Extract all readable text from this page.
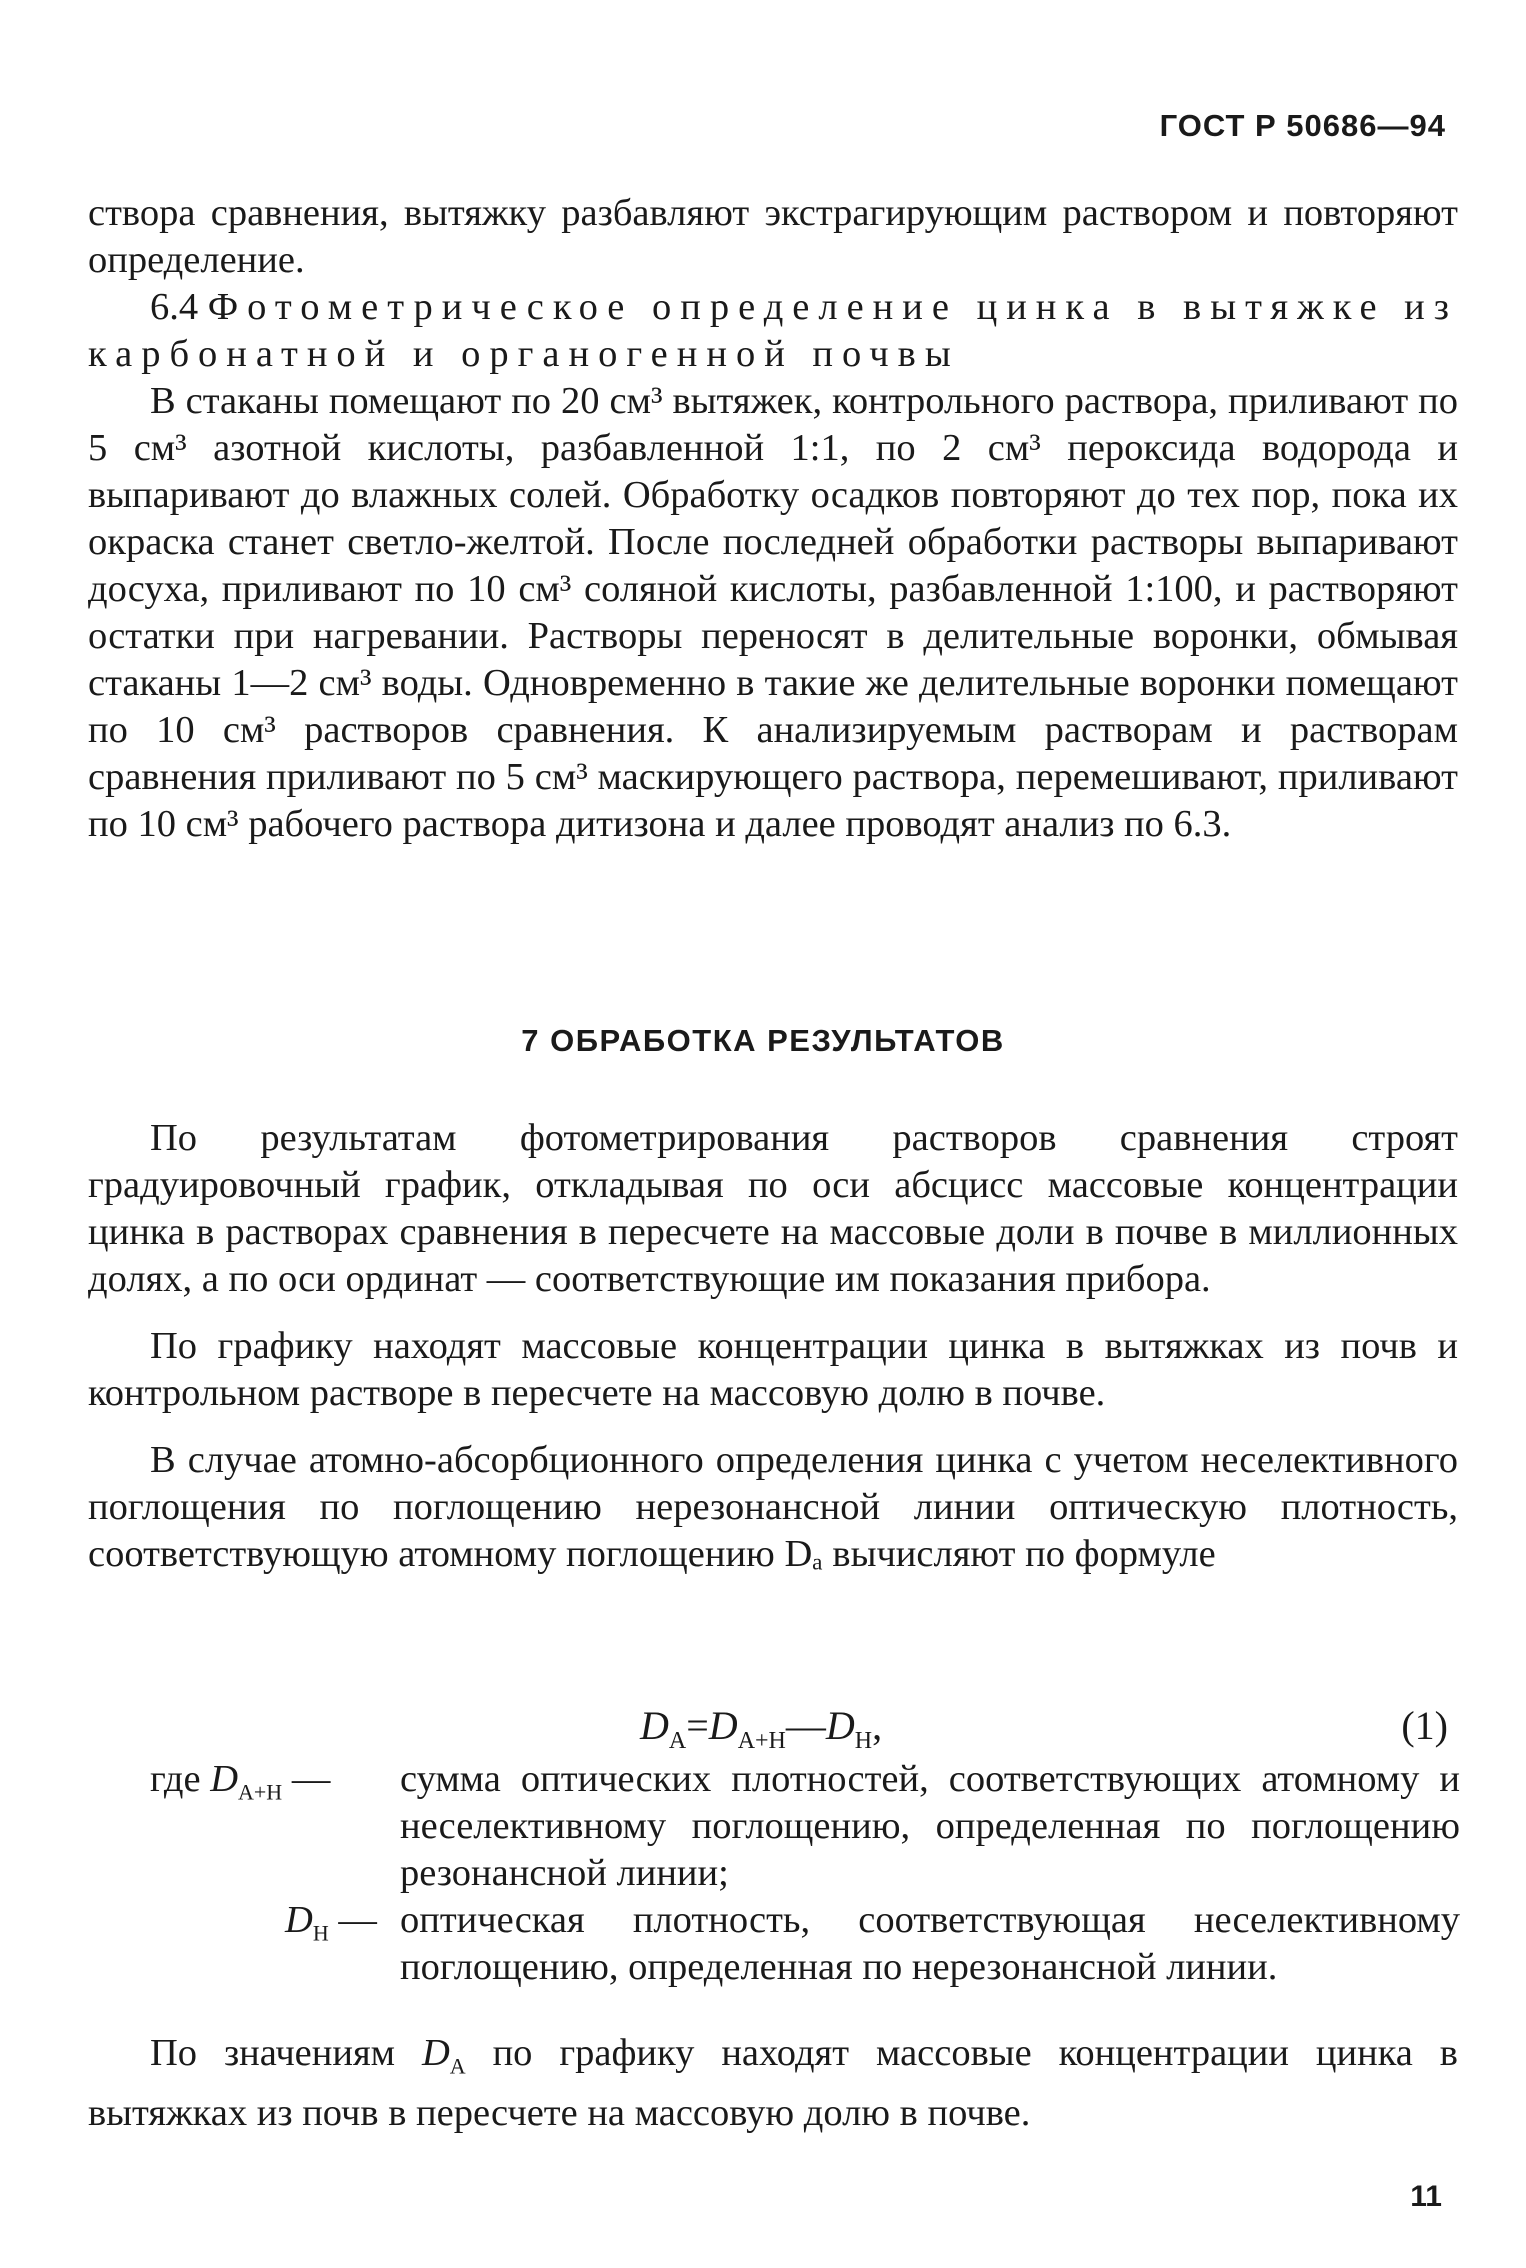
ГОСТ Р 50686—94

створа сравнения, вытяжку разбавляют экстрагирующим раствором и повторяют определение.

6.4 Фотометрическое определение цинка в вытяжке из карбонатной и органогенной почвы

В стаканы помещают по 20 см³ вытяжек, контрольного раствора, приливают по 5 см³ азотной кислоты, разбавленной 1:1, по 2 см³ пероксида водорода и выпаривают до влажных солей. Обработку осадков повторяют до тех пор, пока их окраска станет светло-желтой. После последней обработки растворы выпаривают досуха, приливают по 10 см³ соляной кислоты, разбавленной 1:100, и растворяют остатки при нагревании. Растворы переносят в делительные воронки, обмывая стаканы 1—2 см³ воды. Одновременно в такие же делительные воронки помещают по 10 см³ растворов сравнения. К анализируемым растворам и растворам сравнения приливают по 5 см³ маскирующего раствора, перемешивают, приливают по 10 см³ рабочего раствора дитизона и далее проводят анализ по 6.3.

7 ОБРАБОТКА РЕЗУЛЬТАТОВ

По результатам фотометрирования растворов сравнения строят градуировочный график, откладывая по оси абсцисс массовые концентрации цинка в растворах сравнения в пересчете на массовые доли в почве в миллионных долях, а по оси ординат — соответствующие им показания прибора.

По графику находят массовые концентрации цинка в вытяжках из почв и контрольном растворе в пересчете на массовую долю в почве.

В случае атомно-абсорбционного определения цинка с учетом неселективного поглощения по поглощению нерезонансной линии оптическую плотность, соответствующую атомному поглощению Dₐ вычисляют по формуле

$D_A=D_{A+H}—D_H$,	(1)
где $D_{A+H}$ — сумма оптических плотностей, соответствующих атомному и неселективному поглощению, определенная по поглощению резонансной линии;
$D_H$ — оптическая плотность, соответствующая неселективному поглощению, определенная по нерезонансной линии.

По значениям $D_A$ по графику находят массовые концентрации цинка в вытяжках из почв в пересчете на массовую долю в почве.

11
